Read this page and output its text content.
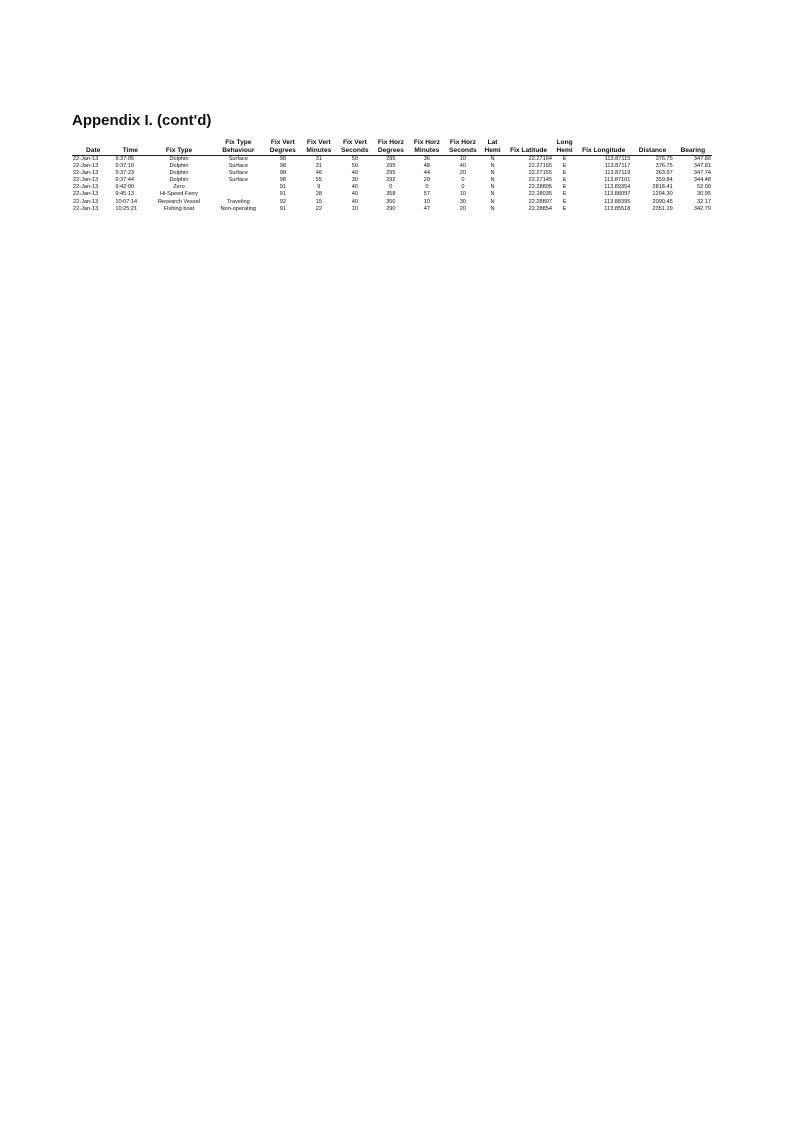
Appendix I. (cont'd)
Date	Time	Fix Type	Fix Type Behaviour	Fix Vert Degrees	Fix Vert Minutes	Fix Vert Seconds	Fix Horz Degrees	Fix Horz Minutes	Fix Horz Seconds	Lat Hemi	Fix Latitude	Long Hemi	Fix Longitude	Distance	Bearing
22-Jan-13	9:37:05	Dolphin	Surface	98	31	50	295	36	10	N	22.27164	E	113.87115	376.75	347.80
22-Jan-13	9:37:10	Dolphin	Surface	98	31	50	295	48	40	N	22.27165	E	113.87117	376.75	347.81
22-Jan-13	9:37:23	Dolphin	Surface	98	46	40	295	44	20	N	22.27155	E	113.87119	363.97	347.74
22-Jan-13	9:37:44	Dolphin	Surface	98	55	30	292	29	0	N	22.27145	E	113.87101	359.84	344.48
22-Jan-13	9:42:00	Zero		91	9	40	0	0	0	N	22.28895	E	113.89354	2818.41	52.00
22-Jan-13	9:45:13	Hi-Speed Ferry		91	28	40	358	57	10	N	22.28035	E	113.88097	1204.30	30.95
22-Jan-13	10:07:14	Research Vessel	Traveling	92	15	40	350	10	30	N	22.28807	E	113.88395	2090.45	32.17
22-Jan-13	10:25:21	Fishing boat	Non-operating	91	22	10	290	47	20	N	22.28854	E	113.85518	2351.19	342.79
